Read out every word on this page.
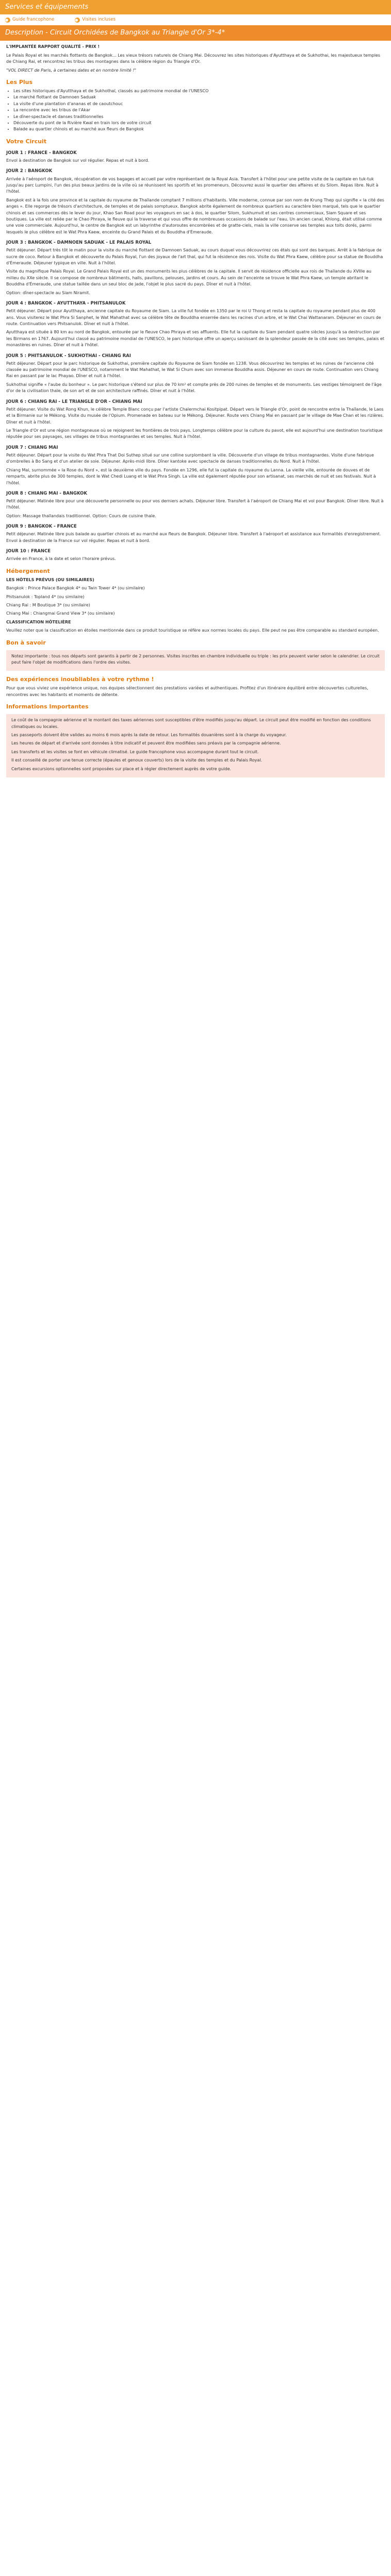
Services et équipements
● Guide francophone	● Visites incluses
Description - Circuit Orchidées de Bangkok au Triangle d'Or 3*-4*

L'IMPLANTÉE RAPPORT QUALITÉ - PRIX !

Le Palais Royal et les marchés flottants de Bangkok... Les vieux trésors naturels de Chiang Mai. Découvrez les sites historiques d'Ayutthaya et de Sukhothai, les majestueux temples de Chiang Rai, et rencontrez les tribus des montagnes dans la célèbre région du Triangle d'Or.

"VOL DIRECT de Paris, à certaines dates et en nombre limité !"

Les Plus
• Les sites historiques d'Ayutthaya et de Sukhothaï, classés au patrimoine mondial de l'UNESCO
• Le marché flottant de Damnoen Saduak
• La visite d'une plantation d'ananas et de caoutchouc
• La rencontre avec les tribus de l'Akar
• Le dîner-spectacle et danses traditionnelles
• Découverte du pont de la Rivière Kwaï en train lors de votre circuit
• Balade au quartier chinois et au marché aux fleurs de Bangkok
Votre Circuit
JOUR 1 : FRANCE - BANGKOK

Envol à destination de Bangkok sur vol régulier. Repas et nuit à bord.

JOUR 2 : BANGKOK

Arrivée à l'aéroport de Bangkok, récupération de vos bagages et accueil par votre représentant de la Royal Asia. Transfert à l'hôtel pour une petite visite de la capitale en tuk-tuk jusqu'au parc Lumpini, l'un des plus beaux jardins de la ville où se réunissent les sportifs et les promeneurs. Découvrez aussi le quartier des affaires et du Silom. Repas libre. Nuit à l'hôtel.

Bangkok est à la fois une province et la capitale du royaume de Thaïlande comptant 7 millions d'habitants. Ville moderne, connue par son nom de Krung Thep qui signifie « la cité des anges ». Elle regorge de trésors d'architecture, de temples et de palais somptueux. Bangkok abrite également de nombreux quartiers au caractère bien marqué, tels que le quartier chinois et ses commerces dès le lever du jour, Khao San Road pour les voyageurs en sac à dos, le quartier Silom, Sukhumvit et ses centres commerciaux, Siam Square et ses boutiques. La ville est reliée par le Chao Phraya, le fleuve qui la traverse et qui vous offre de nombreuses occasions de balade sur l'eau. Un ancien canal, Khlong, était utilisé comme une voie commerciale. Aujourd'hui, le centre de Bangkok est un labyrinthe d'autoroutes encombrées et de gratte-ciels, mais la ville conserve ses temples aux toits dorés, parmi lesquels le plus célèbre est le Wat Phra Kaew, enceinte du Grand Palais et du Bouddha d'Émeraude.

JOUR 3 : BANGKOK - DAMNOEN SADUAK - LE PALAIS ROYAL

Petit déjeuner. Départ très tôt le matin pour la visite du marché flottant de Damnoen Saduak, au cours duquel vous découvrirez ces étals qui sont des barques. Arrêt à la fabrique de sucre de coco. Retour à Bangkok et découverte du Palais Royal, l'un des joyaux de l'art thaï, qui fut la résidence des rois. Visite du Wat Phra Kaew, célèbre pour sa statue de Bouddha d'Émeraude. Déjeuner typique en ville. Nuit à l'hôtel.

Visite du magnifique Palais Royal. Le Grand Palais Royal est un des monuments les plus célèbres de la capitale. Il servit de résidence officielle aux rois de Thaïlande du XVIIIe au milieu du XXe siècle. Il se compose de nombreux bâtiments, halls, pavillons, pelouses, jardins et cours. Au sein de l'enceinte se trouve le Wat Phra Kaew, un temple abritant le Bouddha d'Émeraude, une statue taillée dans un seul bloc de jade, l'objet le plus sacré du pays. Dîner et nuit à l'hôtel.

Option: dîner-spectacle au Siam Niramit.

JOUR 4 : BANGKOK - AYUTTHAYA - PHITSANULOK

Petit déjeuner. Départ pour Ayutthaya, ancienne capitale du Royaume de Siam. La ville fut fondée en 1350 par le roi U Thong et resta la capitale du royaume pendant plus de 400 ans. Vous visiterez le Wat Phra Si Sanphet, le Wat Mahathat avec sa célèbre tête de Bouddha enserrée dans les racines d'un arbre, et le Wat Chai Wattanaram. Déjeuner en cours de route. Continuation vers Phitsanulok. Dîner et nuit à l'hôtel.

Ayutthaya est située à 80 km au nord de Bangkok, entourée par le fleuve Chao Phraya et ses affluents. Elle fut la capitale du Siam pendant quatre siècles jusqu'à sa destruction par les Birmans en 1767. Aujourd'hui classé au patrimoine mondial de l'UNESCO, le parc historique offre un aperçu saisissant de la splendeur passée de la cité avec ses temples, palais et monastères en ruines. Dîner et nuit à l'hôtel.

JOUR 5 : PHITSANULOK - SUKHOTHAI - CHIANG RAI

Petit déjeuner. Départ pour le parc historique de Sukhothai, première capitale du Royaume de Siam fondée en 1238. Vous découvrirez les temples et les ruines de l'ancienne cité classée au patrimoine mondial de l'UNESCO, notamment le Wat Mahathat, le Wat Si Chum avec son immense Bouddha assis. Déjeuner en cours de route. Continuation vers Chiang Rai en passant par le lac Phayao. Dîner et nuit à l'hôtel.

Sukhothai signifie « l'aube du bonheur ». Le parc historique s'étend sur plus de 70 km² et compte près de 200 ruines de temples et de monuments. Les vestiges témoignent de l'âge d'or de la civilisation thaïe, de son art et de son architecture raffinés. Dîner et nuit à l'hôtel.

JOUR 6 : CHIANG RAI - LE TRIANGLE D'OR - CHIANG MAI

Petit déjeuner. Visite du Wat Rong Khun, le célèbre Temple Blanc conçu par l'artiste Chalermchai Kositpipat. Départ vers le Triangle d'Or, point de rencontre entre la Thaïlande, le Laos et la Birmanie sur le Mékong. Visite du musée de l'Opium. Promenade en bateau sur le Mékong. Déjeuner. Route vers Chiang Mai en passant par le village de Mae Chan et les rizières. Dîner et nuit à l'hôtel.

Le Triangle d'Or est une région montagneuse où se rejoignent les frontières de trois pays. Longtemps célèbre pour la culture du pavot, elle est aujourd'hui une destination touristique réputée pour ses paysages, ses villages de tribus montagnardes et ses temples. Nuit à l'hôtel.

JOUR 7 : CHIANG MAI

Petit déjeuner. Départ pour la visite du Wat Phra That Doi Suthep situé sur une colline surplombant la ville. Découverte d'un village de tribus montagnardes. Visite d'une fabrique d'ombrelles à Bo Sang et d'un atelier de soie. Déjeuner. Après-midi libre. Dîner kantoke avec spectacle de danses traditionnelles du Nord. Nuit à l'hôtel.

Chiang Mai, surnommée « la Rose du Nord », est la deuxième ville du pays. Fondée en 1296, elle fut la capitale du royaume du Lanna. La vieille ville, entourée de douves et de remparts, abrite plus de 300 temples, dont le Wat Chedi Luang et le Wat Phra Singh. La ville est également réputée pour son artisanat, ses marchés de nuit et ses festivals. Nuit à l'hôtel.

JOUR 8 : CHIANG MAI - BANGKOK

Petit déjeuner. Matinée libre pour une découverte personnelle ou pour vos derniers achats. Déjeuner libre. Transfert à l'aéroport de Chiang Mai et vol pour Bangkok. Dîner libre. Nuit à l'hôtel.

Option: Massage thaïlandais traditionnel. Option: Cours de cuisine thaïe.

JOUR 9 : BANGKOK - FRANCE

Petit déjeuner. Matinée libre puis balade au quartier chinois et au marché aux fleurs de Bangkok. Déjeuner libre. Transfert à l'aéroport et assistance aux formalités d'enregistrement. Envol à destination de la France sur vol régulier. Repas et nuit à bord.

JOUR 10 : FRANCE

Arrivée en France, à la date et selon l'horaire prévus.

Hébergement

LES HÔTELS PRÉVUS (OU SIMILAIRES)

Bangkok : Prince Palace Bangkok 4* ou Twin Tower 4* (ou similaire)

Phitsanulok : Topland 4* (ou similaire)

Chiang Rai : M Boutique 3* (ou similaire)

Chiang Mai : Chiangmai Grand View 3* (ou similaire)

CLASSIFICATION HÔTELIÈRE

Veuillez noter que la classification en étoiles mentionnée dans ce produit touristique se réfère aux normes locales du pays. Elle peut ne pas être comparable au standard européen.

Bon à savoir

Notez importante : tous nos départs sont garantis à partir de 2 personnes. Visites inscrites en chambre individuelle ou triple : les prix peuvent varier selon le calendrier. Le circuit peut faire l'objet de modifications dans l'ordre des visites.

Des expériences inoubliables à votre rythme !

Pour que vous viviez une expérience unique, nos équipes sélectionnent des prestations variées et authentiques. Profitez d'un itinéraire équilibré entre découvertes culturelles, rencontres avec les habitants et moments de détente.

Informations Importantes

Le coût de la compagnie aérienne et le montant des taxes aériennes sont susceptibles d'être modifiés jusqu'au départ. Le circuit peut être modifié en fonction des conditions climatiques ou locales.

Les passeports doivent être valides au moins 6 mois après la date de retour. Les formalités douanières sont à la charge du voyageur.

Les heures de départ et d'arrivée sont données à titre indicatif et peuvent être modifiées sans préavis par la compagnie aérienne.

Les transferts et les visites se font en véhicule climatisé. Le guide francophone vous accompagne durant tout le circuit.

Il est conseillé de porter une tenue correcte (épaules et genoux couverts) lors de la visite des temples et du Palais Royal.

Certaines excursions optionnelles sont proposées sur place et à régler directement auprès de votre guide.
